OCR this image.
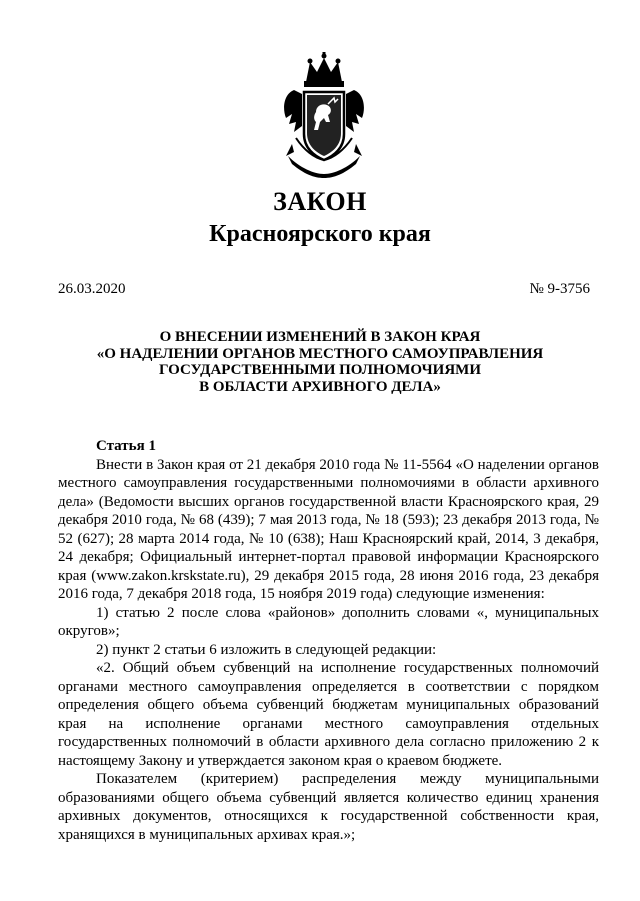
ЗАКОН
Красноярского края
26.03.2020	№ 9-3756
О ВНЕСЕНИИ ИЗМЕНЕНИЙ В ЗАКОН КРАЯ
«О НАДЕЛЕНИИ ОРГАНОВ МЕСТНОГО САМОУПРАВЛЕНИЯ
ГОСУДАРСТВЕННЫМИ ПОЛНОМОЧИЯМИ
В ОБЛАСТИ АРХИВНОГО ДЕЛА»

Статья 1

Внести в Закон края от 21 декабря 2010 года № 11-5564 «О наделении органов местного самоуправления государственными полномочиями в области архивного дела» (Ведомости высших органов государственной власти Красноярского края, 29 декабря 2010 года, № 68 (439); 7 мая 2013 года, № 18 (593); 23 декабря 2013 года, № 52 (627); 28 марта 2014 года, № 10 (638); Наш Красноярский край, 2014, 3 декабря, 24 декабря; Официальный интернет-портал правовой информации Красноярского края (www.zakon.krskstate.ru), 29 декабря 2015 года, 28 июня 2016 года, 23 декабря 2016 года, 7 декабря 2018 года, 15 ноября 2019 года) следующие изменения:

1) статью 2 после слова «районов» дополнить словами «, муниципальных округов»;

2) пункт 2 статьи 6 изложить в следующей редакции:

«2. Общий объем субвенций на исполнение государственных полномочий органами местного самоуправления определяется в соответствии с порядком определения общего объема субвенций бюджетам муниципальных образований края на исполнение органами местного самоуправления отдельных государственных полномочий в области архивного дела согласно приложению 2 к настоящему Закону и утверждается законом края о краевом бюджете.

Показателем (критерием) распределения между муниципальными образованиями общего объема субвенций является количество единиц хранения архивных документов, относящихся к государственной собственности края, хранящихся в муниципальных архивах края.»;
